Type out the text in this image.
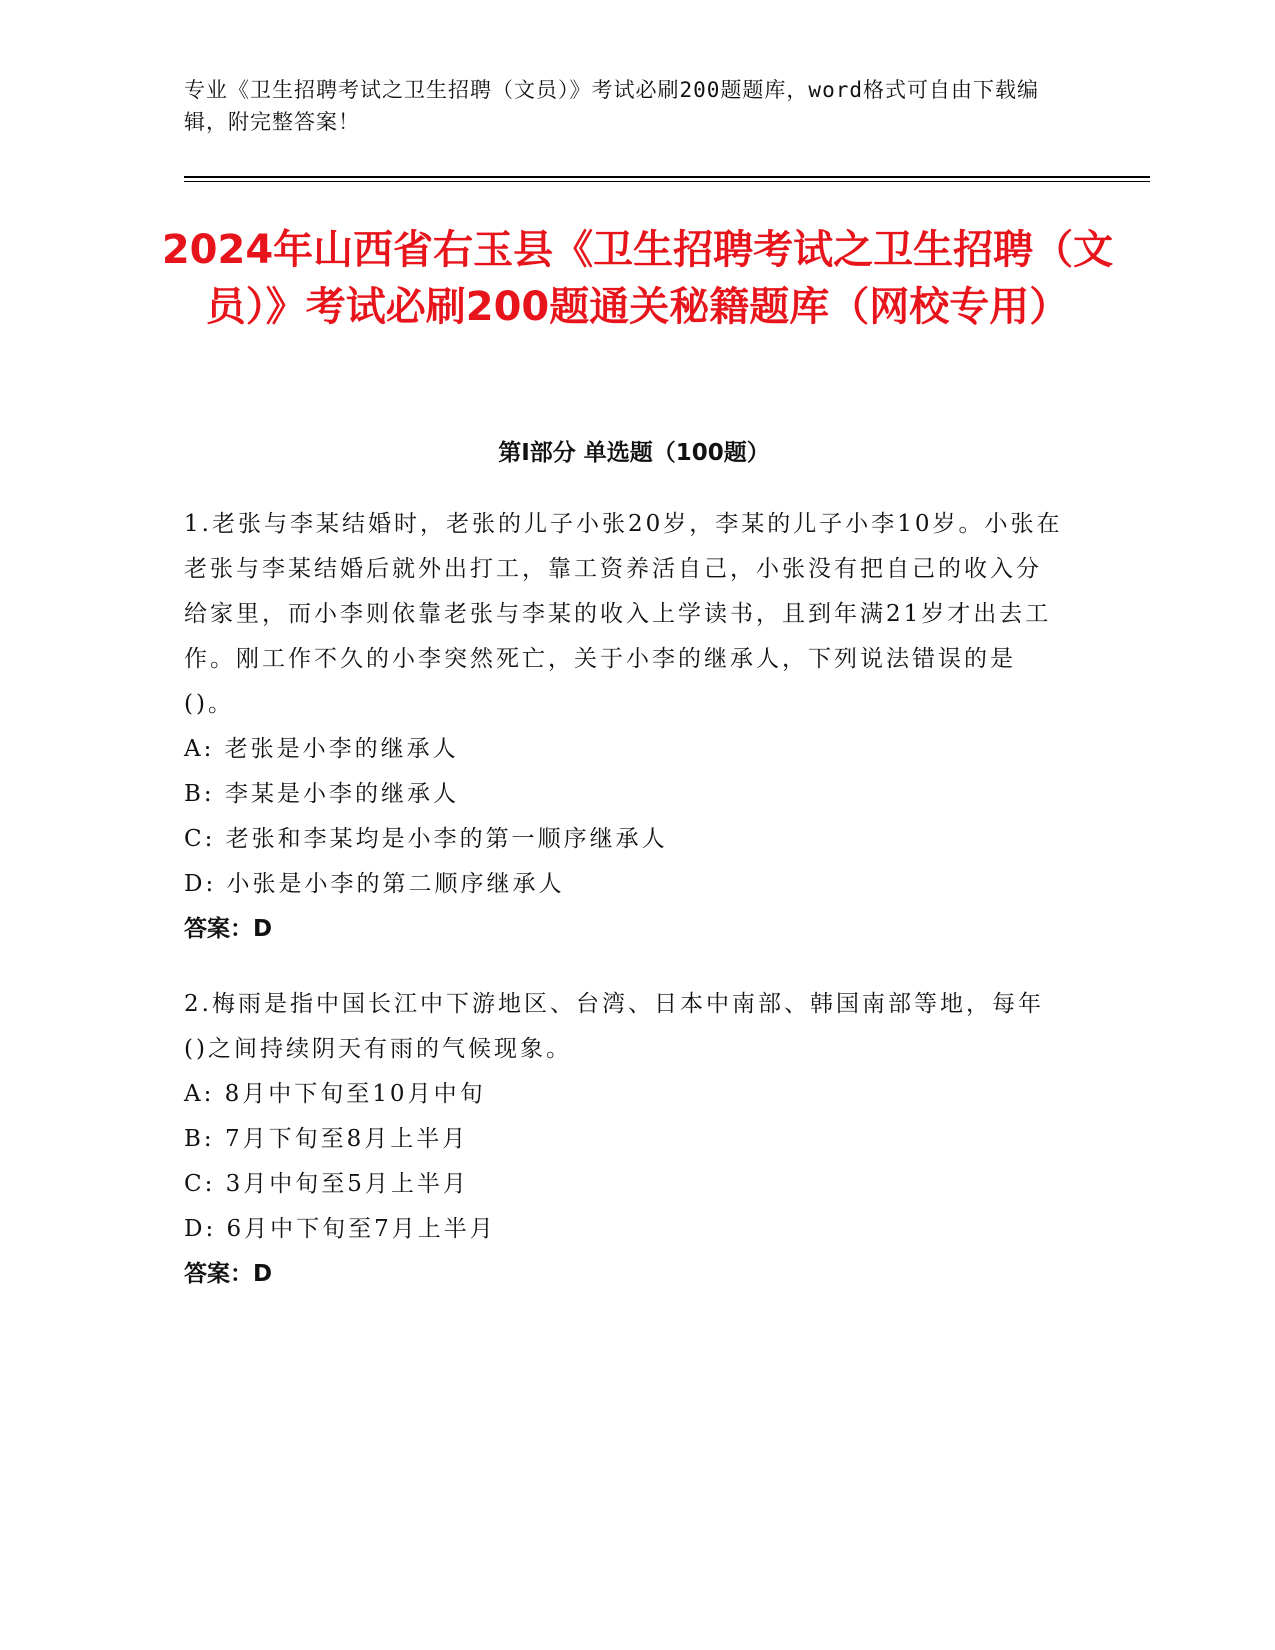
专业《卫生招聘考试之卫生招聘（文员）》考试必刷200题题库，word格式可自由下载编辑，附完整答案！
2024年山西省右玉县《卫生招聘考试之卫生招聘（文员）》考试必刷200题通关秘籍题库（网校专用）
第Ⅰ部分 单选题（100题）
1.老张与李某结婚时，老张的儿子小张20岁，李某的儿子小李10岁。小张在老张与李某结婚后就外出打工，靠工资养活自己，小张没有把自己的收入分给家里，而小李则依靠老张与李某的收入上学读书，且到年满21岁才出去工作。刚工作不久的小李突然死亡，关于小李的继承人，下列说法错误的是()。
A: 老张是小李的继承人
B: 李某是小李的继承人
C: 老张和李某均是小李的第一顺序继承人
D: 小张是小李的第二顺序继承人
答案：D
2.梅雨是指中国长江中下游地区、台湾、日本中南部、韩国南部等地，每年()之间持续阴天有雨的气候现象。
A: 8月中下旬至10月中旬
B: 7月下旬至8月上半月
C: 3月中旬至5月上半月
D: 6月中下旬至7月上半月
答案：D
